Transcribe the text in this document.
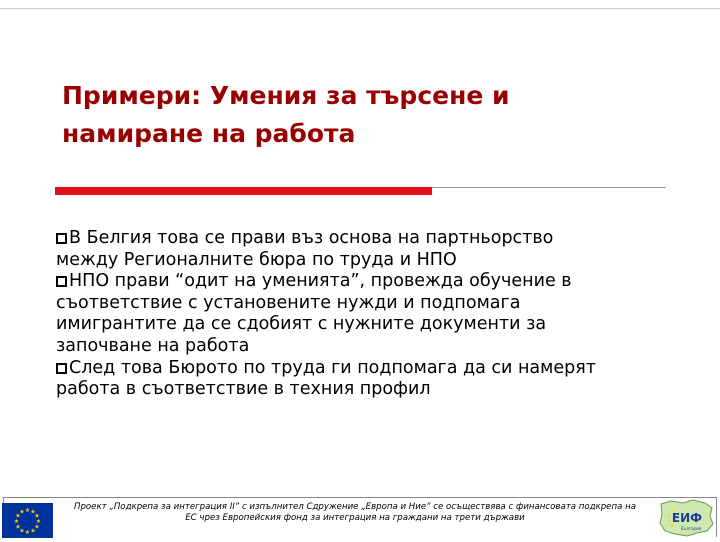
Примери: Умения за търсене и
намиране на работа
В Белгия това се прави въз основа на партньорство
между Регионалните бюра по труда и НПО
НПО прави “одит на уменията”, провежда обучение в
съответствие с установените нужди и подпомага
имигрантите да се сдобият с нужните документи за
започване на работа
След това Бюрото по труда ги подпомага да си намерят
работа в съответствие в техния профил
★ ★
★
★
★
★
★
★
★
★
★
★	Проект „Подкрепа за интеграция II” с изпълнител Сдружение „Европа и Ние” се осъществява с финансовата подкрепа на
ЕС чрез Европейския фонд за интеграция на граждани на трети държави	ЕИФ
България
★
★
★
★
